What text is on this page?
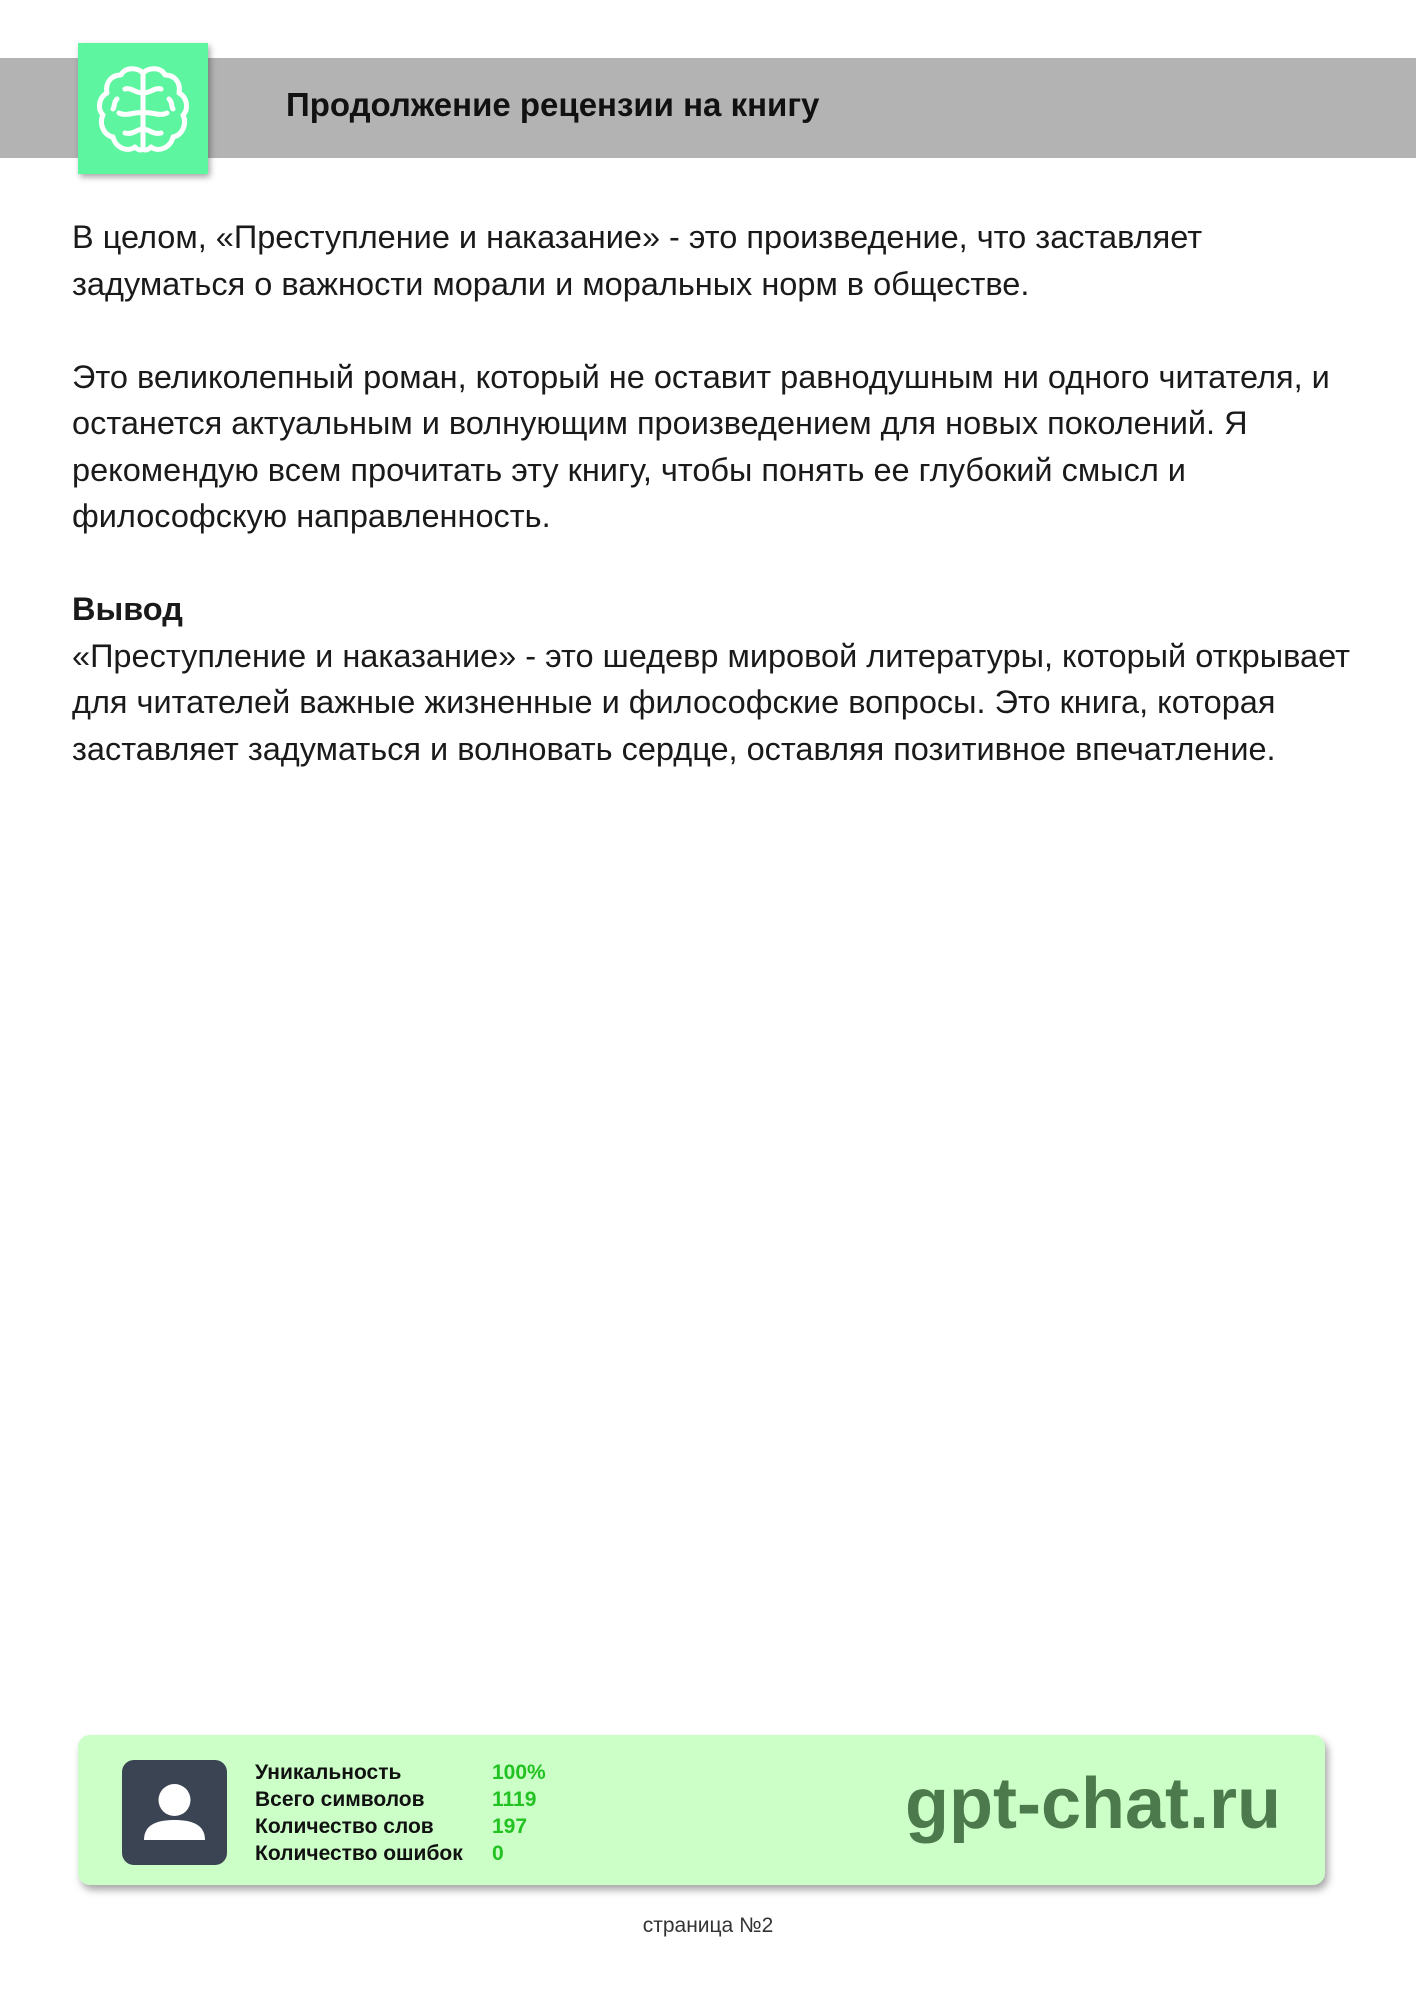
Продолжение рецензии на книгу

В целом, «Преступление и наказание» - это произведение, что заставляет задуматься о важности морали и моральных норм в обществе.

Это великолепный роман, который не оставит равнодушным ни одного читателя, и останется актуальным и волнующим произведением для новых поколений. Я рекомендую всем прочитать эту книгу, чтобы понять ее глубокий смысл и философскую направленность.

Вывод

«Преступление и наказание» - это шедевр мировой литературы, который открывает для читателей важные жизненные и философские вопросы. Это книга, которая заставляет задуматься и волновать сердце, оставляя позитивное впечатление.

Уникальность	100%
Всего символов	1119
Количество слов	197
Количество ошибок	0
gpt-chat.ru
страница №2
